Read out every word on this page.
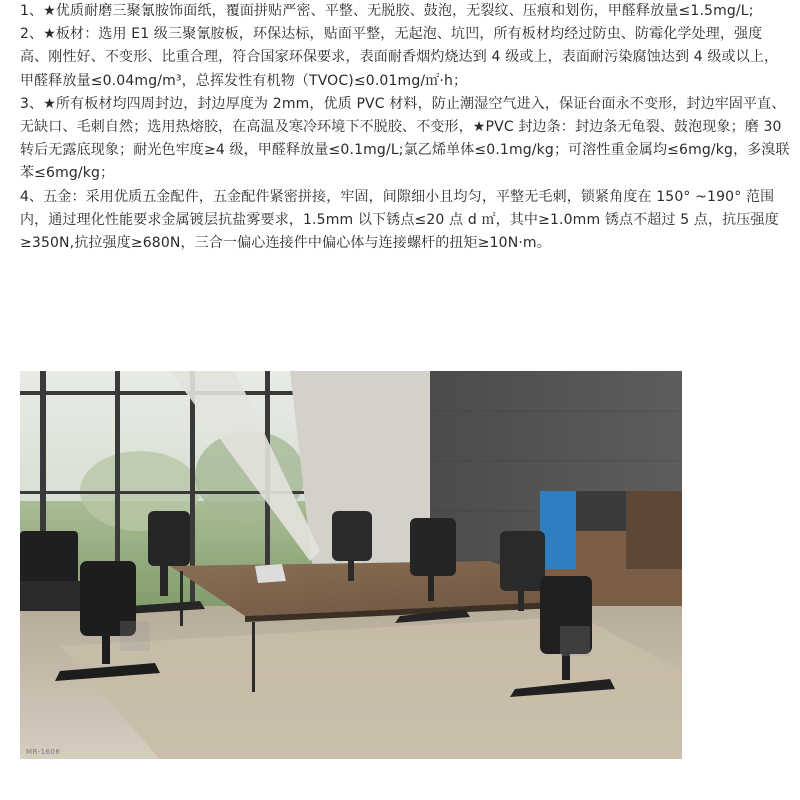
1、★优质耐磨三聚氰胺饰面纸，覆面拼贴严密、平整、无脱胶、鼓泡，无裂纹、压痕和划伤，甲醛释放量≤1.5mg/L;

2、★板材：选用 E1 级三聚氰胺板，环保达标，贴面平整，无起泡、坑凹，所有板材均经过防虫、防霉化学处理，强度高、刚性好、不变形、比重合理，符合国家环保要求，表面耐香烟灼烧达到 4 级或上，表面耐污染腐蚀达到 4 级或以上，甲醛释放量≤0.04mg/m³，总挥发性有机物（TVOC)≤0.01mg/㎡·h；

3、★所有板材均四周封边，封边厚度为 2mm，优质 PVC 材料，防止潮湿空气进入，保证台面永不变形，封边牢固平直、无缺口、毛刺自然；选用热熔胶，在高温及寒冷环境下不脱胶、不变形，★PVC 封边条：封边条无龟裂、鼓泡现象；磨 30 转后无露底现象；耐光色牢度≥4 级，甲醛释放量≤0.1mg/L;氯乙烯单体≤0.1mg/kg；可溶性重金属均≤6mg/kg，多溴联苯≤6mg/kg；

4、五金：采用优质五金配件，五金配件紧密拼接，牢固，间隙细小且均匀，平整无毛刺，锁紧角度在 150° ~190° 范围内，通过理化性能要求金属镀层抗盐雾要求，1.5mm 以下锈点≤20 点 d ㎡，其中≥1.0mm 锈点不超过 5 点，抗压强度≥350N,抗拉强度≥680N，三合一偏心连接件中偏心体与连接螺杆的扭矩≥10N·m。

MR-1606
